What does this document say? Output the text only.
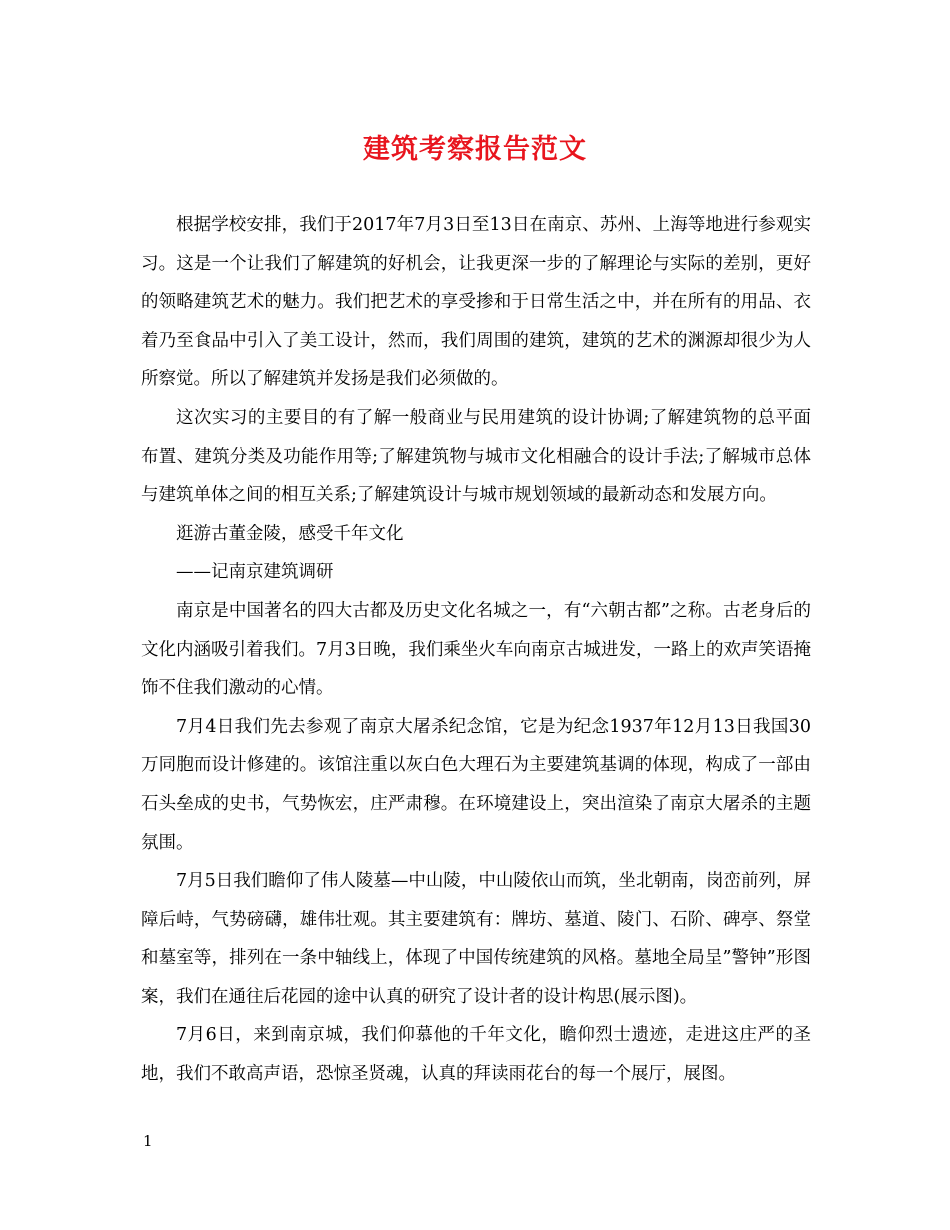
建筑考察报告范文

根据学校安排，我们于2017年7月3日至13日在南京、苏州、上海等地进行参观实习。这是一个让我们了解建筑的好机会，让我更深一步的了解理论与实际的差别，更好的领略建筑艺术的魅力。我们把艺术的享受掺和于日常生活之中，并在所有的用品、衣着乃至食品中引入了美工设计，然而，我们周围的建筑，建筑的艺术的渊源却很少为人所察觉。所以了解建筑并发扬是我们必须做的。

这次实习的主要目的有了解一般商业与民用建筑的设计协调;了解建筑物的总平面布置、建筑分类及功能作用等;了解建筑物与城市文化相融合的设计手法;了解城市总体与建筑单体之间的相互关系;了解建筑设计与城市规划领域的最新动态和发展方向。

逛游古董金陵，感受千年文化

——记南京建筑调研

南京是中国著名的四大古都及历史文化名城之一，有“六朝古都”之称。古老身后的文化内涵吸引着我们。7月3日晚，我们乘坐火车向南京古城进发，一路上的欢声笑语掩饰不住我们激动的心情。

7月4日我们先去参观了南京大屠杀纪念馆，它是为纪念1937年12月13日我国30万同胞而设计修建的。该馆注重以灰白色大理石为主要建筑基调的体现，构成了一部由石头垒成的史书，气势恢宏，庄严肃穆。在环境建设上，突出渲染了南京大屠杀的主题氛围。

7月5日我们瞻仰了伟人陵墓—中山陵，中山陵依山而筑，坐北朝南，岗峦前列，屏障后峙，气势磅礴，雄伟壮观。其主要建筑有：牌坊、墓道、陵门、石阶、碑亭、祭堂和墓室等，排列在一条中轴线上，体现了中国传统建筑的风格。墓地全局呈”警钟”形图案，我们在通往后花园的途中认真的研究了设计者的设计构思(展示图)。

7月6日，来到南京城，我们仰慕他的千年文化，瞻仰烈士遗迹，走进这庄严的圣地，我们不敢高声语，恐惊圣贤魂，认真的拜读雨花台的每一个展厅，展图。

1
